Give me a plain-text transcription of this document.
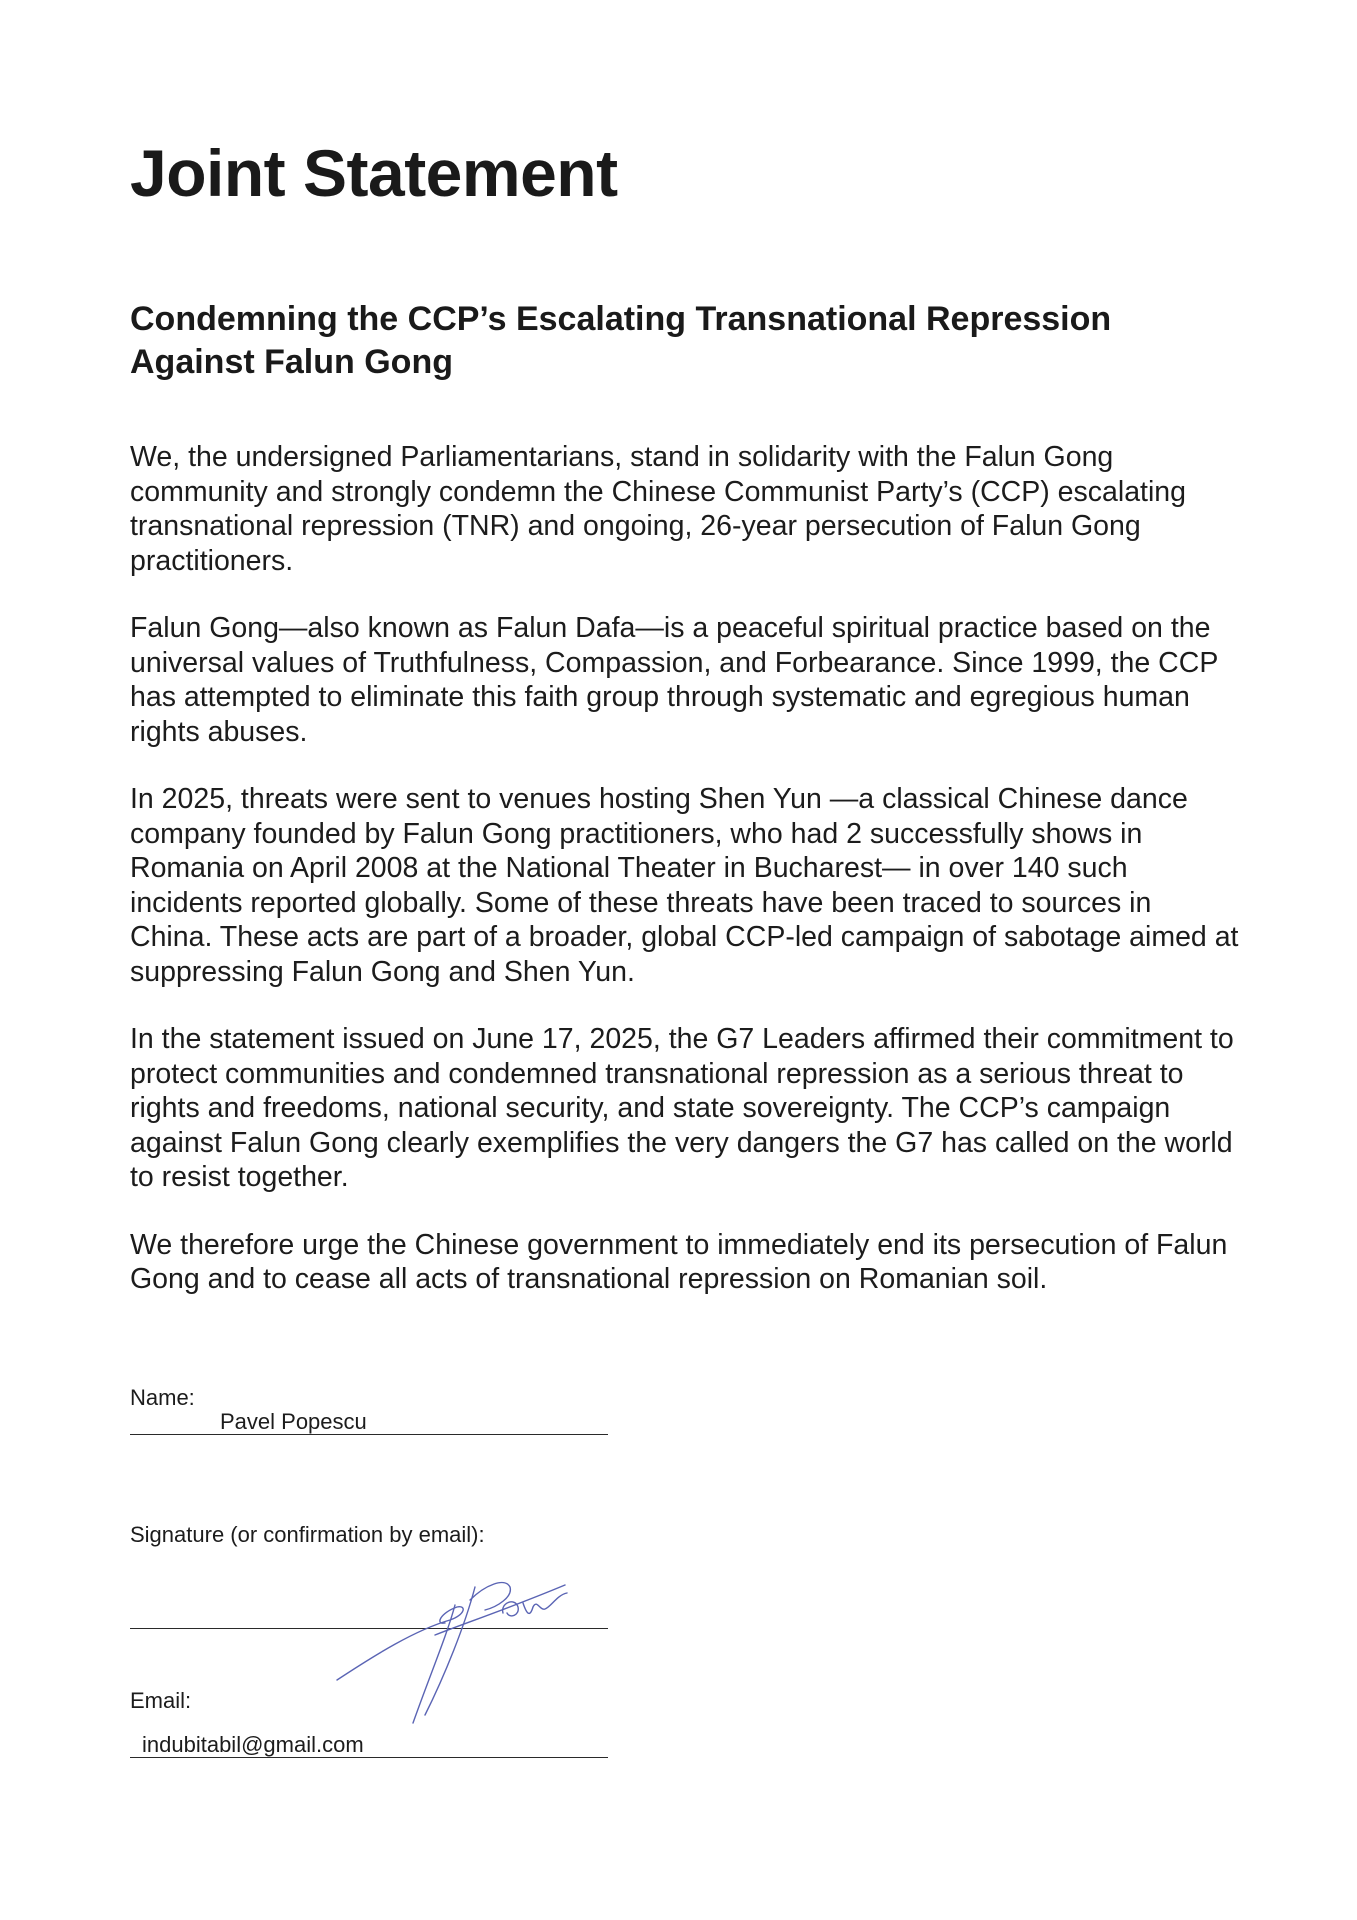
Joint Statement
Condemning the CCP’s Escalating Transnational Repression Against Falun Gong

We, the undersigned Parliamentarians, stand in solidarity with the Falun Gong community and strongly condemn the Chinese Communist Party’s (CCP) escalating transnational repression (TNR) and ongoing, 26-year persecution of Falun Gong practitioners.

Falun Gong—also known as Falun Dafa—is a peaceful spiritual practice based on the universal values of Truthfulness, Compassion, and Forbearance. Since 1999, the CCP has attempted to eliminate this faith group through systematic and egregious human rights abuses.

In 2025, threats were sent to venues hosting Shen Yun —a classical Chinese dance company founded by Falun Gong practitioners, who had 2 successfully shows in Romania on April 2008 at the National Theater in Bucharest— in over 140 such incidents reported globally. Some of these threats have been traced to sources in China. These acts are part of a broader, global CCP-led campaign of sabotage aimed at suppressing Falun Gong and Shen Yun.

In the statement issued on June 17, 2025, the G7 Leaders affirmed their commitment to protect communities and condemned transnational repression as a serious threat to rights and freedoms, national security, and state sovereignty. The CCP’s campaign against Falun Gong clearly exemplifies the very dangers the G7 has called on the world to resist together.

We therefore urge the Chinese government to immediately end its persecution of Falun Gong and to cease all acts of transnational repression on Romanian soil.

Name:
Pavel Popescu
Signature (or confirmation by email):
Email:
indubitabil@gmail.com
